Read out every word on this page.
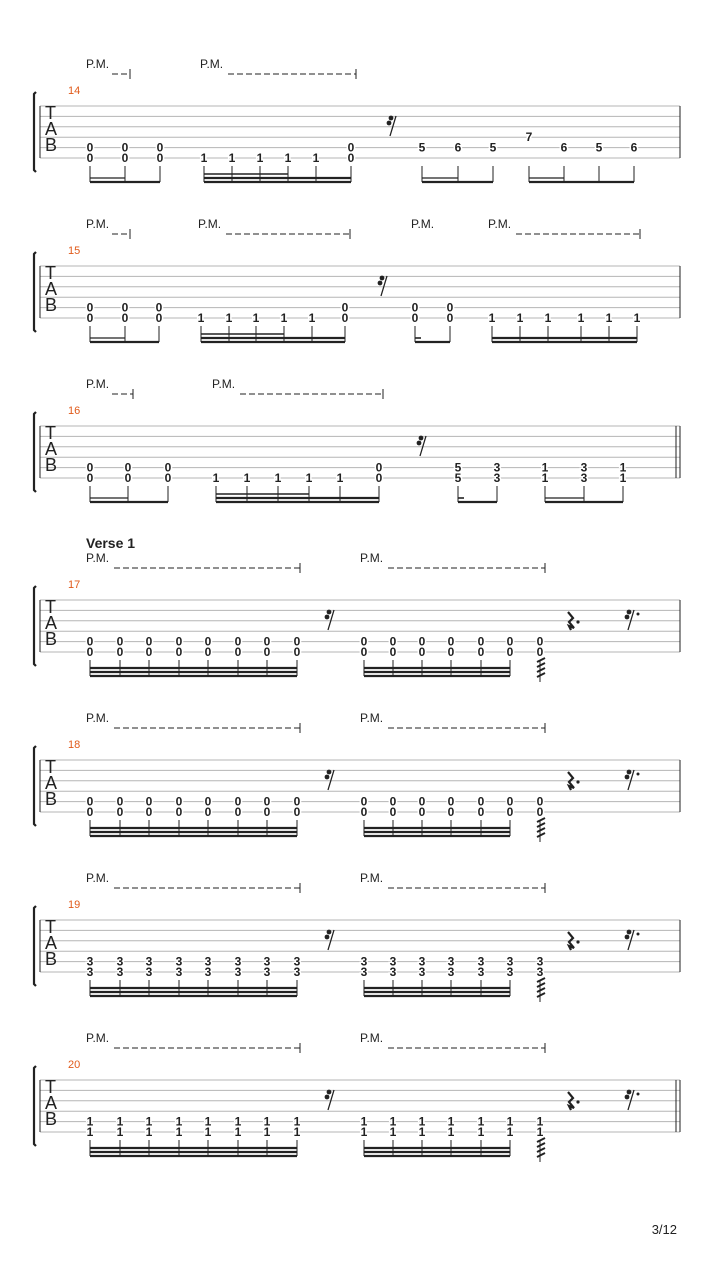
T
A
B
14
P.M.	P.M.
0
0
0
0
0
0	1 1 1 1 1
0
0
5 6 5
7
6 5 6
T
A
B
15
P.M.	P.M.	P.M.	P.M.
0
0
0
0
0
0	1 1 1 1 1
0
0
0
0
0
0	1 1 1 1 1 1
T
A
B
16
P.M.	P.M.
0
0
0
0
0
0	1 1 1 1 1
0
0
5
5
3
3
1
1
3
3
1
1
T
A
B
17
Verse 1
P.M.	P.M.
0
0
0
0
0
0
0
0
0
0
0
0
0
0
0
0
0
0
0
0
0
0
0
0
0
0
0
0
0
0
T
A
B
18
P.M.	P.M.
0
0
0
0
0
0
0
0
0
0
0
0
0
0
0
0
0
0
0
0
0
0
0
0
0
0
0
0
0
0
T
A
B
19
P.M.	P.M.
3
3
3
3
3
3
3
3
3
3
3
3
3
3
3
3
3
3
3
3
3
3
3
3
3
3
3
3
3
3
T
A
B
20
P.M.	P.M.
1
1
1
1
1
1
1
1
1
1
1
1
1
1
1
1
1
1
1
1
1
1
1
1
1
1
1
1
1
1
3/12
